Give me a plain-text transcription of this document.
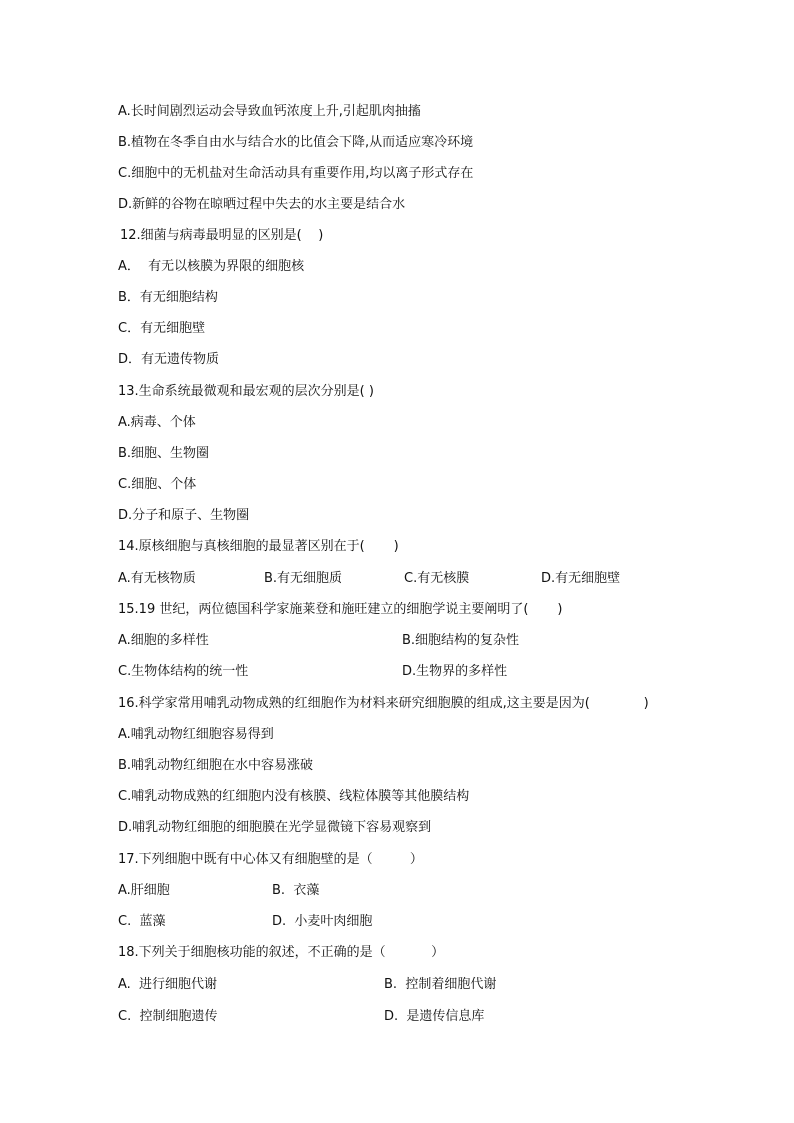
A.长时间剧烈运动会导致血钙浓度上升,引起肌肉抽搐
B.植物在冬季自由水与结合水的比值会下降,从而适应寒冷环境
C.细胞中的无机盐对生命活动具有重要作用,均以离子形式存在
D.新鲜的谷物在晾晒过程中失去的水主要是结合水
12.细菌与病毒最明显的区别是(    )
A．  有无以核膜为界限的细胞核
B．有无细胞结构
C．有无细胞壁
D．有无遗传物质
13.生命系统最微观和最宏观的层次分别是( )
A.病毒、个体
B.细胞、生物圈
C.细胞、个体
D.分子和原子、生物圈
14.原核细胞与真核细胞的最显著区别在于(       )
A.有无核物质	B.有无细胞质	C.有无核膜	D.有无细胞壁
15.19 世纪，两位德国科学家施莱登和施旺建立的细胞学说主要阐明了(       )
A.细胞的多样性	B.细胞结构的复杂性
C.生物体结构的统一性	D.生物界的多样性
16.科学家常用哺乳动物成熟的红细胞作为材料来研究细胞膜的组成,这主要是因为(             )
A.哺乳动物红细胞容易得到
B.哺乳动物红细胞在水中容易涨破
C.哺乳动物成熟的红细胞内没有核膜、线粒体膜等其他膜结构
D.哺乳动物红细胞的细胞膜在光学显微镜下容易观察到
17.下列细胞中既有中心体又有细胞壁的是（         ）
A.肝细胞	B.  衣藻
C.  蓝藻	D.  小麦叶肉细胞
18.下列关于细胞核功能的叙述，不正确的是（           ）
A.  进行细胞代谢	B.  控制着细胞代谢
C.  控制细胞遗传	D.  是遗传信息库
